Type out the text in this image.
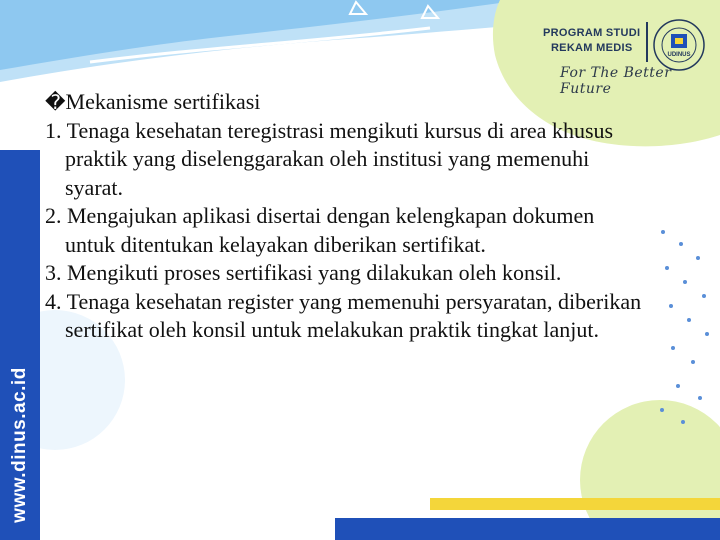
www.dinus.ac.id
PROGRAM STUDI
REKAM MEDIS
UDINUS
For The Better Future
�Mekanisme sertifikasi
1. Tenaga kesehatan teregistrasi mengikuti kursus di area khusus praktik yang diselenggarakan oleh institusi yang memenuhi syarat.
2. Mengajukan aplikasi disertai dengan kelengkapan dokumen untuk ditentukan kelayakan diberikan sertifikat.
3. Mengikuti proses sertifikasi yang dilakukan oleh konsil.
4. Tenaga kesehatan register yang memenuhi persyaratan, diberikan sertifikat oleh konsil untuk melakukan praktik tingkat lanjut.
